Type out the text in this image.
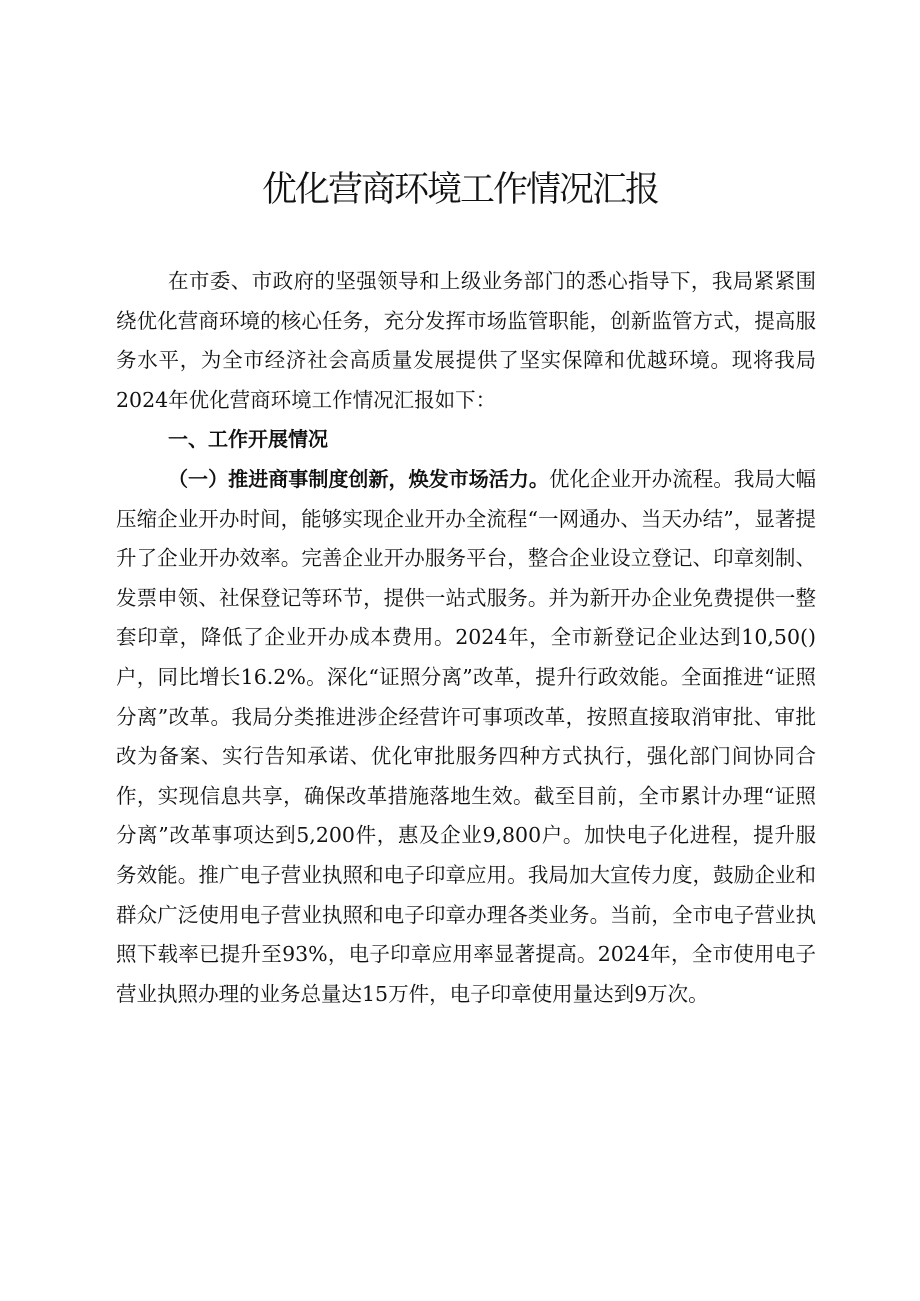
优化营商环境工作情况汇报

在市委、市政府的坚强领导和上级业务部门的悉心指导下，我局紧紧围绕优化营商环境的核心任务，充分发挥市场监管职能，创新监管方式，提高服务水平，为全市经济社会高质量发展提供了坚实保障和优越环境。现将我局2024年优化营商环境工作情况汇报如下：

一、工作开展情况

（一）推进商事制度创新，焕发市场活力。优化企业开办流程。我局大幅压缩企业开办时间，能够实现企业开办全流程“一网通办、当天办结”，显著提升了企业开办效率。完善企业开办服务平台，整合企业设立登记、印章刻制、发票申领、社保登记等环节，提供一站式服务。并为新开办企业免费提供一整套印章，降低了企业开办成本费用。2024年，全市新登记企业达到10,50()户，同比增长16.2%。深化“证照分离”改革，提升行政效能。全面推进“证照分离”改革。我局分类推进涉企经营许可事项改革，按照直接取消审批、审批改为备案、实行告知承诺、优化审批服务四种方式执行，强化部门间协同合作，实现信息共享，确保改革措施落地生效。截至目前，全市累计办理“证照分离”改革事项达到5,200件，惠及企业9,800户。加快电子化进程，提升服务效能。推广电子营业执照和电子印章应用。我局加大宣传力度，鼓励企业和群众广泛使用电子营业执照和电子印章办理各类业务。当前，全市电子营业执照下载率已提升至93%，电子印章应用率显著提高。2024年，全市使用电子营业执照办理的业务总量达15万件，电子印章使用量达到9万次。
